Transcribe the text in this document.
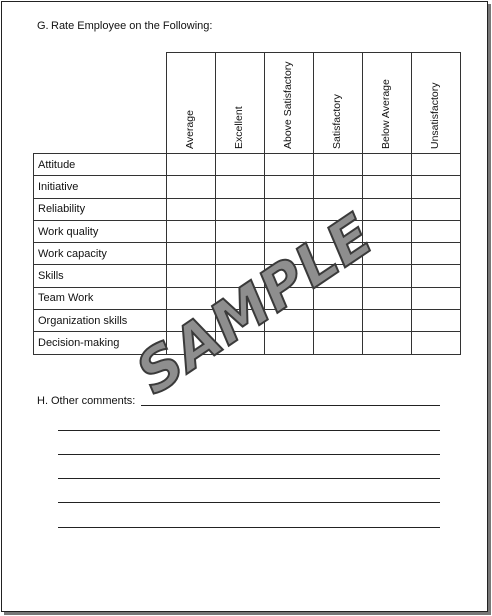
G. Rate Employee on the Following:

	Average	Excellent	Above Satisfactory	Satisfactory	Below Average	Unsatisfactory

Attitude						
Initiative						
Reliability						
Work quality						
Work capacity						
Skills						
Team Work						
Organization skills						
Decision-making						
H. Other comments:
SAMPLE
